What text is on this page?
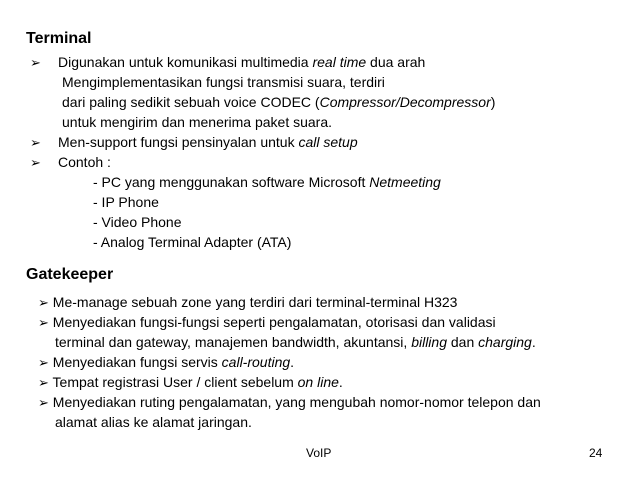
Terminal
➢ Digunakan untuk komunikasi multimedia real time dua arah
Mengimplementasikan fungsi transmisi suara, terdiri
dari paling sedikit sebuah voice CODEC (Compressor/Decompressor)
untuk mengirim dan menerima paket suara.
➢ Men-support fungsi pensinyalan untuk call setup
➢ Contoh :
- PC yang menggunakan software Microsoft Netmeeting
- IP Phone
- Video Phone
- Analog Terminal Adapter (ATA)
Gatekeeper
➢ Me-manage sebuah zone yang terdiri dari terminal-terminal H323
➢ Menyediakan fungsi-fungsi seperti pengalamatan, otorisasi dan validasi
terminal dan gateway, manajemen bandwidth, akuntansi, billing dan charging.
➢ Menyediakan fungsi servis call-routing.
➢ Tempat registrasi User / client sebelum on line.
➢ Menyediakan ruting pengalamatan, yang mengubah nomor-nomor telepon dan
alamat alias ke alamat jaringan.
VoIP	24
